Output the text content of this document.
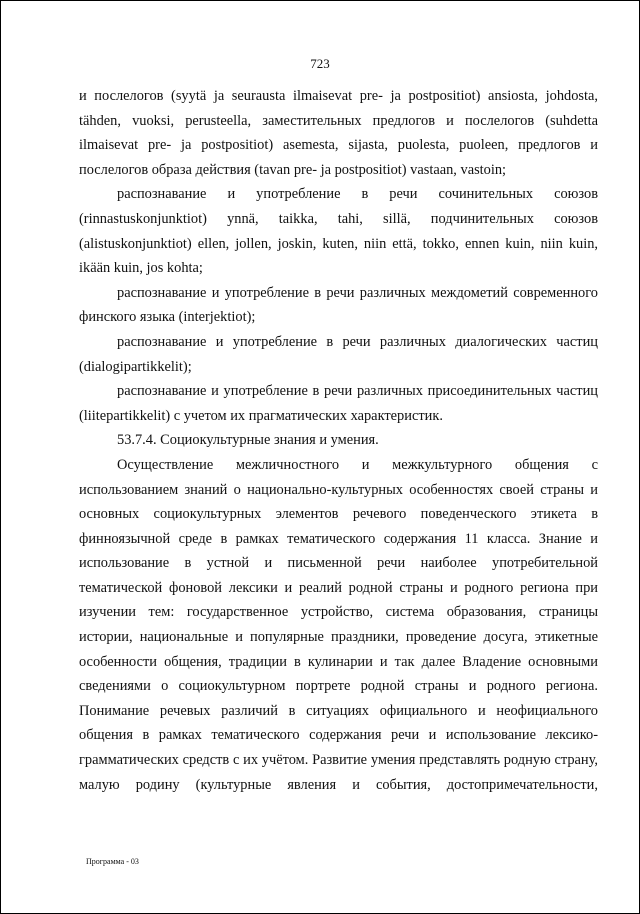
723

и послелогов (syytä ja seurausta ilmaisevat pre- ja postpositiot) ansiosta, johdosta, tähden, vuoksi, perusteella, заместительных предлогов и послелогов (suhdetta ilmaisevat pre- ja postpositiot) asemesta, sijasta, puolesta, puoleen, предлогов и послелогов образа действия (tavan pre- ja postpositiot) vastaan, vastoin;

распознавание и употребление в речи сочинительных союзов (rinnastuskonjunktiot) ynnä, taikka, tahi, sillä, подчинительных союзов (alistuskonjunktiot) ellen, jollen, joskin, kuten, niin että, tokko, ennen kuin, niin kuin, ikään kuin, jos kohta;

распознавание и употребление в речи различных междометий современного финского языка (interjektiot);

распознавание и употребление в речи различных диалогических частиц (dialogipartikkelit);

распознавание и употребление в речи различных присоединительных частиц (liitepartikkelit) с учетом их прагматических характеристик.

53.7.4. Социокультурные знания и умения.

Осуществление межличностного и межкультурного общения с использованием знаний о национально-культурных особенностях своей страны и основных социокультурных элементов речевого поведенческого этикета в финноязычной среде в рамках тематического содержания 11 класса. Знание и использование в устной и письменной речи наиболее употребительной тематической фоновой лексики и реалий родной страны и родного региона при изучении тем: государственное устройство, система образования, страницы истории, национальные и популярные праздники, проведение досуга, этикетные особенности общения, традиции в кулинарии и так далее Владение основными сведениями о социокультурном портрете родной страны и родного региона. Понимание речевых различий в ситуациях официального и неофициального общения в рамках тематического содержания речи и использование лексико-грамматических средств с их учётом. Развитие умения представлять родную страну, малую родину (культурные явления и события, достопримечательности,

Программа - 03
